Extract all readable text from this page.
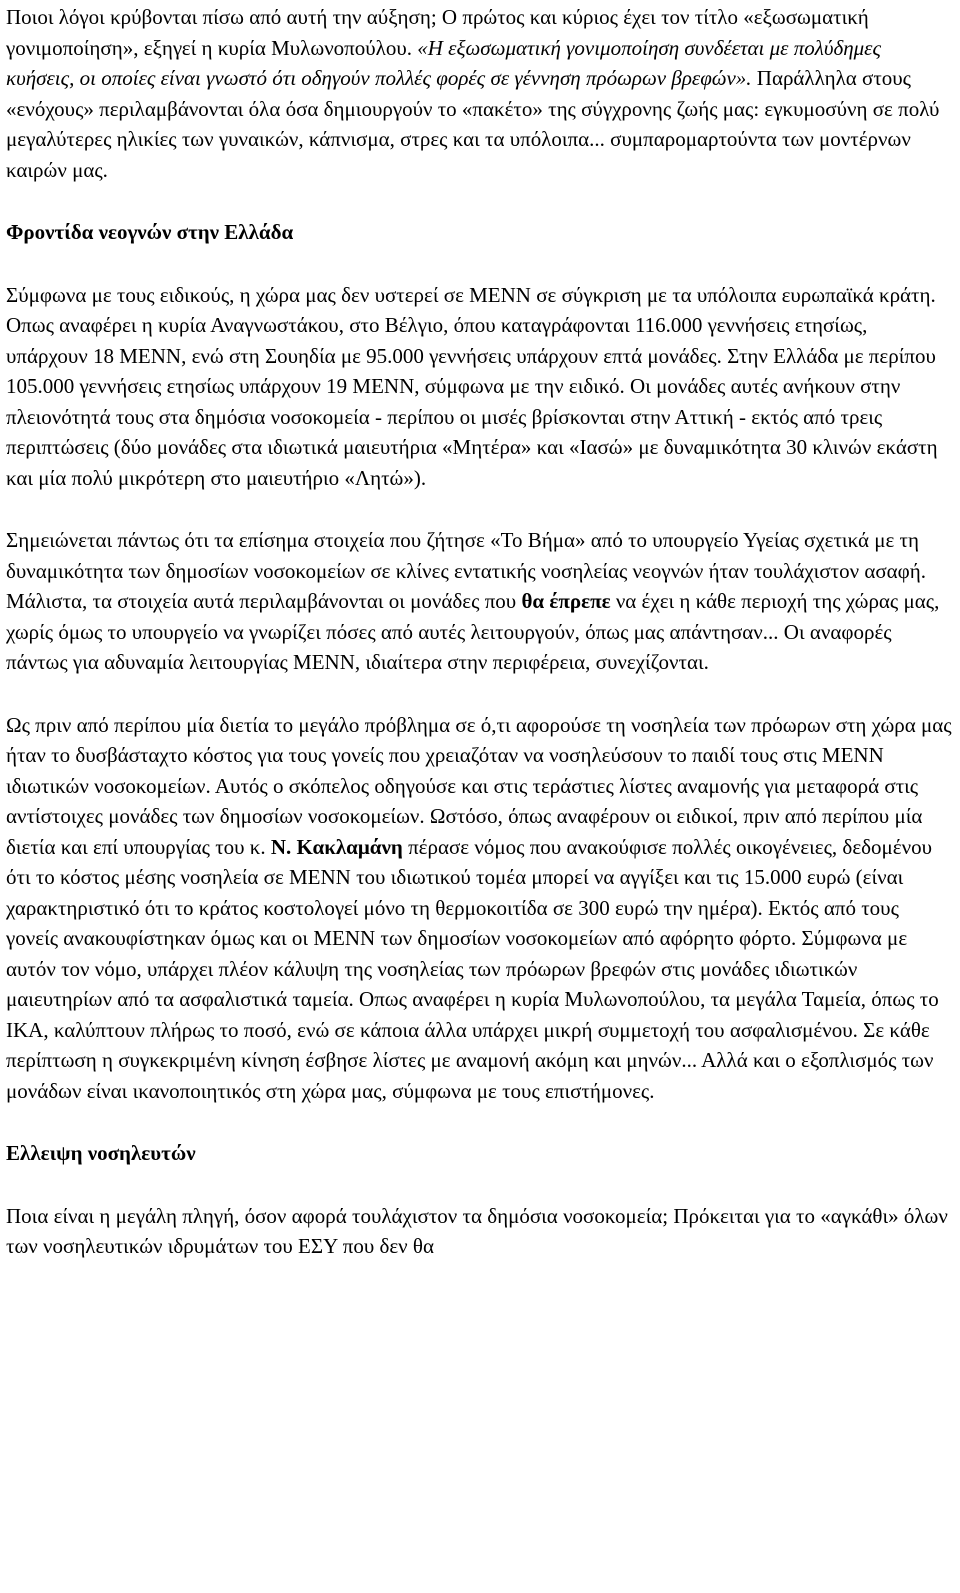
Ποιοι λόγοι κρύβονται πίσω από αυτή την αύξηση; Ο πρώτος και κύριος έχει τον τίτλο «εξωσωματική γονιμοποίηση», εξηγεί η κυρία Μυλωνοπούλου. «Η εξωσωματική γονιμοποίηση συνδέεται με πολύδημες κυήσεις, οι οποίες είναι γνωστό ότι οδηγούν πολλές φορές σε γέννηση πρόωρων βρεφών». Παράλληλα στους «ενόχους» περιλαμβάνονται όλα όσα δημιουργούν το «πακέτο» της σύγχρονης ζωής μας: εγκυμοσύνη σε πολύ μεγαλύτερες ηλικίες των γυναικών, κάπνισμα, στρες και τα υπόλοιπα... συμπαρομαρτούντα των μοντέρνων καιρών μας.

Φροντίδα νεογνών στην Ελλάδα

Σύμφωνα με τους ειδικούς, η χώρα μας δεν υστερεί σε ΜΕΝΝ σε σύγκριση με τα υπόλοιπα ευρωπαϊκά κράτη. Oπως αναφέρει η κυρία Αναγνωστάκου, στο Βέλγιο, όπου καταγράφονται 116.000 γεννήσεις ετησίως, υπάρχουν 18 ΜΕΝΝ, ενώ στη Σουηδία με 95.000 γεννήσεις υπάρχουν επτά μονάδες. Στην Ελλάδα με περίπου 105.000 γεννήσεις ετησίως υπάρχουν 19 ΜΕΝΝ, σύμφωνα με την ειδικό. Οι μονάδες αυτές ανήκουν στην πλειονότητά τους στα δημόσια νοσοκομεία - περίπου οι μισές βρίσκονται στην Αττική - εκτός από τρεις περιπτώσεις (δύο μονάδες στα ιδιωτικά μαιευτήρια «Μητέρα» και «Ιασώ» με δυναμικότητα 30 κλινών εκάστη και μία πολύ μικρότερη στο μαιευτήριο «Λητώ»).

Σημειώνεται πάντως ότι τα επίσημα στοιχεία που ζήτησε «Το Βήμα» από το υπουργείο Υγείας σχετικά με τη δυναμικότητα των δημοσίων νοσοκομείων σε κλίνες εντατικής νοσηλείας νεογνών ήταν τουλάχιστον ασαφή. Μάλιστα, τα στοιχεία αυτά περιλαμβάνονται οι μονάδες που θα έπρεπε να έχει η κάθε περιοχή της χώρας μας, χωρίς όμως το υπουργείο να γνωρίζει πόσες από αυτές λειτουργούν, όπως μας απάντησαν... Οι αναφορές πάντως για αδυναμία λειτουργίας ΜΕΝΝ, ιδιαίτερα στην περιφέρεια, συνεχίζονται.

Ως πριν από περίπου μία διετία το μεγάλο πρόβλημα σε ό,τι αφορούσε τη νοσηλεία των πρόωρων στη χώρα μας ήταν το δυσβάσταχτο κόστος για τους γονείς που χρειαζόταν να νοσηλεύσουν το παιδί τους στις ΜΕΝΝ ιδιωτικών νοσοκομείων. Αυτός ο σκόπελος οδηγούσε και στις τεράστιες λίστες αναμονής για μεταφορά στις αντίστοιχες μονάδες των δημοσίων νοσοκομείων. Ωστόσο, όπως αναφέρουν οι ειδικοί, πριν από περίπου μία διετία και επί υπουργίας του κ. Ν. Κακλαμάνη πέρασε νόμος που ανακούφισε πολλές οικογένειες, δεδομένου ότι το κόστος μέσης νοσηλεία σε ΜΕΝΝ του ιδιωτικού τομέα μπορεί να αγγίξει και τις 15.000 ευρώ (είναι χαρακτηριστικό ότι το κράτος κοστολογεί μόνο τη θερμοκοιτίδα σε 300 ευρώ την ημέρα). Εκτός από τους γονείς ανακουφίστηκαν όμως και οι ΜΕΝΝ των δημοσίων νοσοκομείων από αφόρητο φόρτο. Σύμφωνα με αυτόν τον νόμο, υπάρχει πλέον κάλυψη της νοσηλείας των πρόωρων βρεφών στις μονάδες ιδιωτικών μαιευτηρίων από τα ασφαλιστικά ταμεία. Οπως αναφέρει η κυρία Μυλωνοπούλου, τα μεγάλα Ταμεία, όπως το ΙΚΑ, καλύπτουν πλήρως το ποσό, ενώ σε κάποια άλλα υπάρχει μικρή συμμετοχή του ασφαλισμένου. Σε κάθε περίπτωση η συγκεκριμένη κίνηση έσβησε λίστες με αναμονή ακόμη και μηνών... Αλλά και ο εξοπλισμός των μονάδων είναι ικανοποιητικός στη χώρα μας, σύμφωνα με τους επιστήμονες.

Ελλειψη νοσηλευτών

Ποια είναι η μεγάλη πληγή, όσον αφορά τουλάχιστον τα δημόσια νοσοκομεία; Πρόκειται για το «αγκάθι» όλων των νοσηλευτικών ιδρυμάτων του ΕΣΥ που δεν θα
